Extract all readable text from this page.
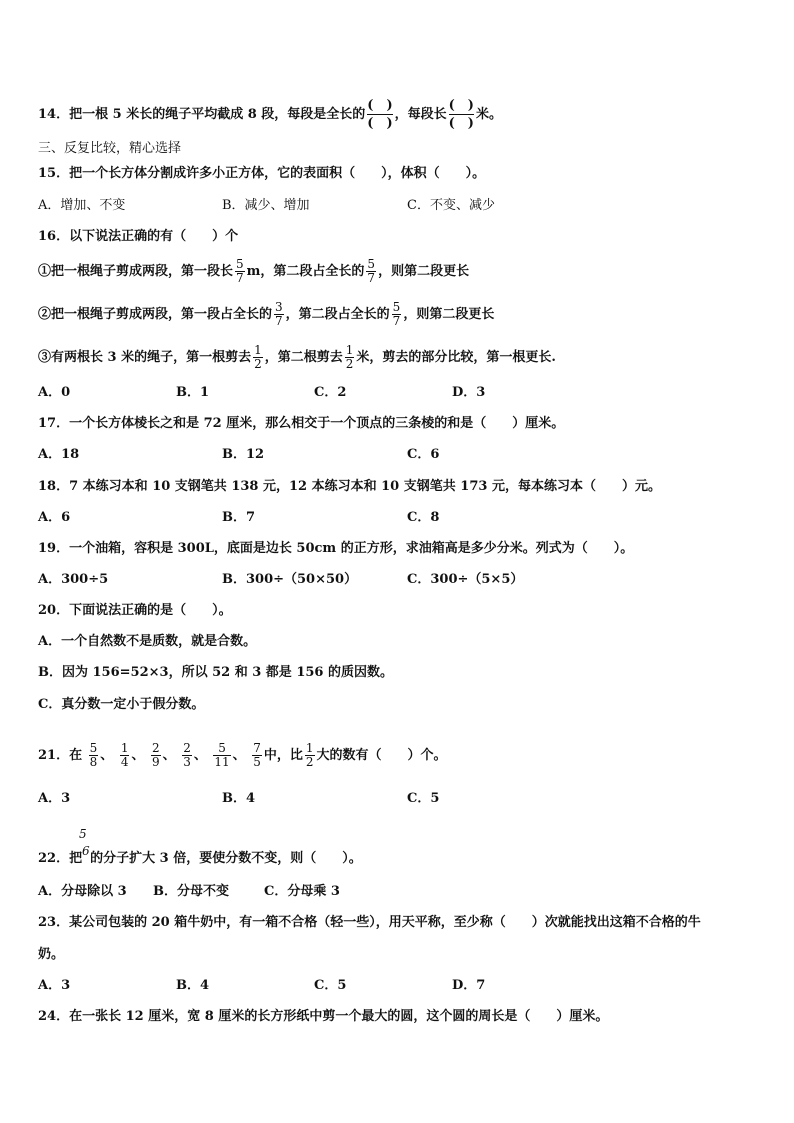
14．把一根 5 米长的绳子平均截成 8 段，每段是全长的
(　)
(　)
，每段长
(　)
(　)
米。
三、反复比较，精心选择
15．把一个长方体分割成许多小正方体，它的表面积（　　），体积（　　）。
A．增加、不变	B．减少、增加	C．不变、减少
16．以下说法正确的有（　　）个
①把一根绳子剪成两段，第一段长 $\frac{5}{7}$ m，第二段占全长的 $\frac{5}{7}$ ，则第二段更长
②把一根绳子剪成两段，第一段占全长的 $\frac{3}{7}$ ，第二段占全长的 $\frac{5}{7}$ ，则第二段更长
③有两根长 3 米的绳子，第一根剪去 $\frac{1}{2}$ ，第二根剪去 $\frac{1}{2}$ 米，剪去的部分比较，第一根更长.
A．0	B．1	C．2	D．3
17．一个长方体棱长之和是 72 厘米，那么相交于一个顶点的三条棱的和是（　　）厘米。
A．18	B．12	C．6
18．7 本练习本和 10 支钢笔共 138 元，12 本练习本和 10 支钢笔共 173 元，每本练习本（　　）元。
A．6	B．7	C．8
19．一个油箱，容积是 300L，底面是边长 50cm 的正方形，求油箱高是多少分米。列式为（　　）。
A．300÷5	B．300÷（50×50）	C．300÷（5×5）
20．下面说法正确的是（　　）。
A．一个自然数不是质数，就是合数。
B．因为 156=52×3，所以 52 和 3 都是 156 的质因数。
C．真分数一定小于假分数。
21．在 $\frac{5}{8}$ 、 $\frac{1}{4}$ 、 $\frac{2}{9}$ 、 $\frac{2}{3}$ 、 $\frac{5}{11}$ 、 $\frac{7}{5}$ 中，比 $\frac{1}{2}$ 大的数有（　　）个。
A．3	B．4	C．5
5
6
22．把 的分子扩大 3 倍，要使分数不变，则（　　）。
A．分母除以 3 B．分母不变	C．分母乘 3
23．某公司包装的 20 箱牛奶中，有一箱不合格（轻一些），用天平称，至少称（　　）次就能找出这箱不合格的牛
奶。
A．3	B．4	C．5	D．7
24．在一张长 12 厘米，宽 8 厘米的长方形纸中剪一个最大的圆，这个圆的周长是（　　）厘米。
